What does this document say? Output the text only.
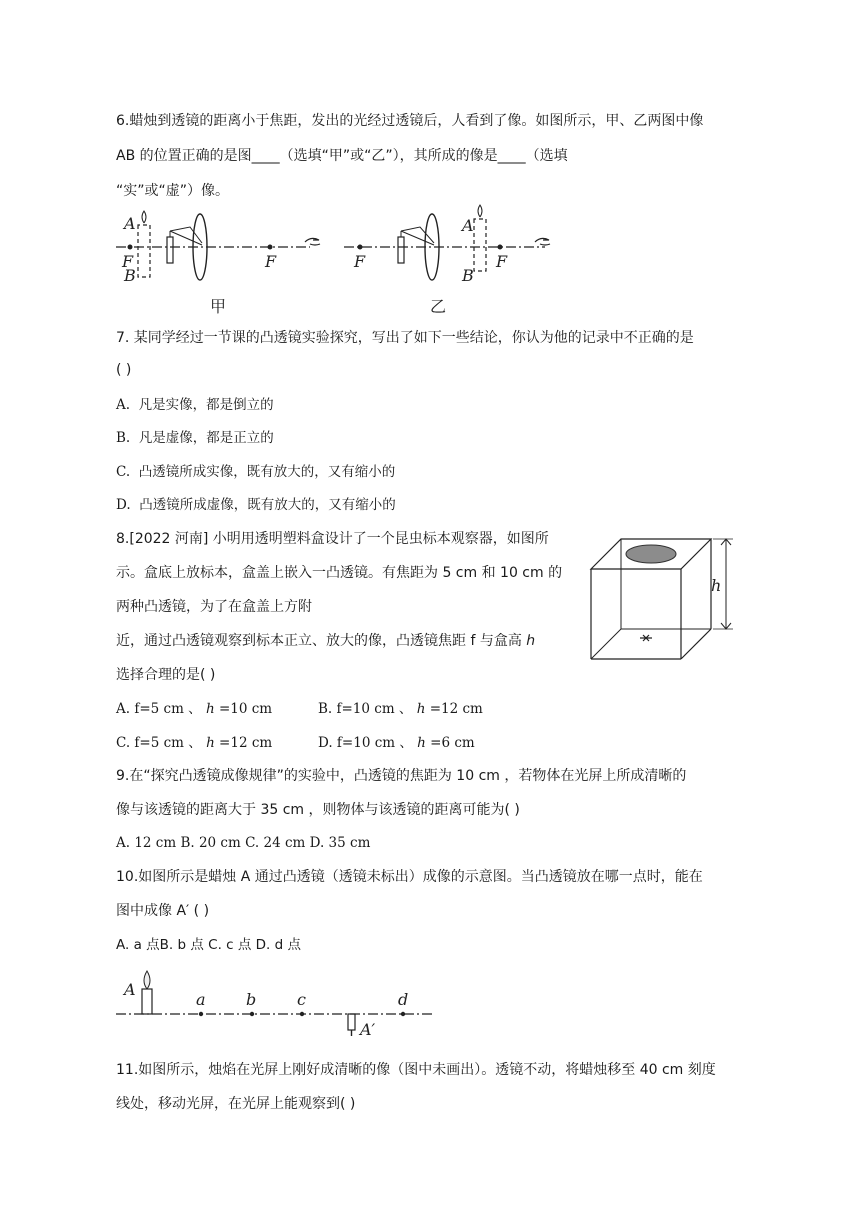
6.蜡烛到透镜的距离小于焦距，发出的光经过透镜后，人看到了像。如图所示，甲、乙两图中像
AB 的位置正确的是图____（选填“甲”或“乙”），其所成的像是____（选填
“实”或“虚”）像。
A
F
B
F
甲
A
F
B
F
乙
7. 某同学经过一节课的凸透镜实验探究，写出了如下一些结论，你认为他的记录中不正确的是
( )
A. 凡是实像，都是倒立的
B. 凡是虚像，都是正立的
C. 凸透镜所成实像，既有放大的，又有缩小的
D. 凸透镜所成虚像，既有放大的，又有缩小的
8.[2022 河南] 小明用透明塑料盒设计了一个昆虫标本观察器，如图所
示。盒底上放标本，盒盖上嵌入一凸透镜。有焦距为 5 cm 和 10 cm 的
两种凸透镜，为了在盒盖上方附
近，通过凸透镜观察到标本正立、放大的像，凸透镜焦距 f 与盒高 ℎ
选择合理的是( )
A. f=5 cm 、 ℎ =10 cm	B. f=10 cm 、 ℎ =12 cm
C. f=5 cm 、 ℎ =12 cm	D. f=10 cm 、 ℎ =6 cm
h
9.在“探究凸透镜成像规律”的实验中，凸透镜的焦距为 10 cm ，若物体在光屏上所成清晰的
像与该透镜的距离大于 35 cm ，则物体与该透镜的距离可能为( )
A. 12 cm B. 20 cm C. 24 cm D. 35 cm
10.如图所示是蜡烛 A 通过凸透镜（透镜未标出）成像的示意图。当凸透镜放在哪一点时，能在
图中成像 A′ ( )
A. a 点B. b 点 C. c 点 D. d 点
A
a	b	c	d
A′
11.如图所示，烛焰在光屏上刚好成清晰的像（图中未画出）。透镜不动，将蜡烛移至 40 cm 刻度
线处，移动光屏，在光屏上能观察到( )
